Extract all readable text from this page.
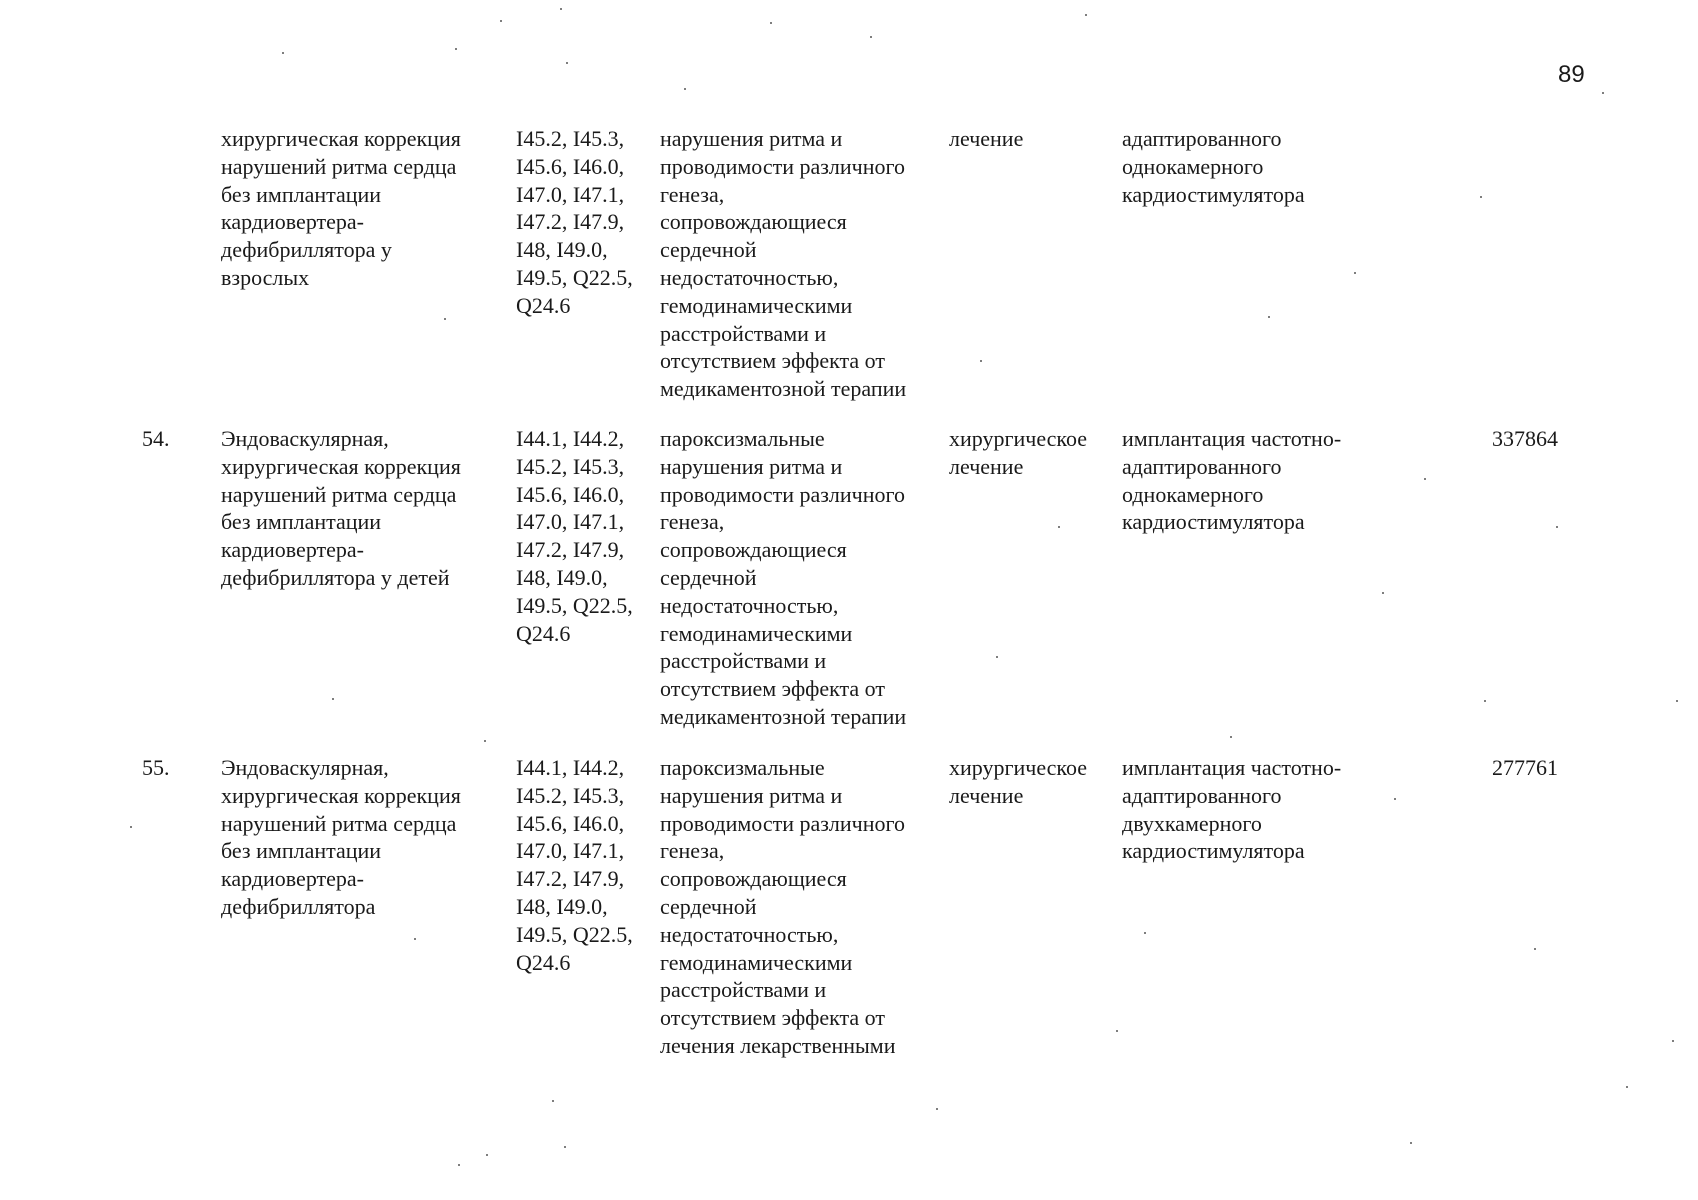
89
хирургическая коррекция
нарушений ритма сердца
без имплантации
кардиовертера-
дефибриллятора у
взрослых
I45.2, I45.3,
I45.6, I46.0,
I47.0, I47.1,
I47.2, I47.9,
I48, I49.0,
I49.5, Q22.5,
Q24.6
нарушения ритма и
проводимости различного
генеза,
сопровождающиеся
сердечной
недостаточностью,
гемодинамическими
расстройствами и
отсутствием эффекта от
медикаментозной терапии
лечение	адаптированного
однокамерного
кардиостимулятора
54. Эндоваскулярная,
хирургическая коррекция
нарушений ритма сердца
без имплантации
кардиовертера-
дефибриллятора у детей
I44.1, I44.2,
I45.2, I45.3,
I45.6, I46.0,
I47.0, I47.1,
I47.2, I47.9,
I48, I49.0,
I49.5, Q22.5,
Q24.6
пароксизмальные
нарушения ритма и
проводимости различного
генеза,
сопровождающиеся
сердечной
недостаточностью,
гемодинамическими
расстройствами и
отсутствием эффекта от
медикаментозной терапии
хирургическое
лечение
имплантация частотно-
адаптированного
однокамерного
кардиостимулятора
337864
55. Эндоваскулярная,
хирургическая коррекция
нарушений ритма сердца
без имплантации
кардиовертера-
дефибриллятора
I44.1, I44.2,
I45.2, I45.3,
I45.6, I46.0,
I47.0, I47.1,
I47.2, I47.9,
I48, I49.0,
I49.5, Q22.5,
Q24.6
пароксизмальные
нарушения ритма и
проводимости различного
генеза,
сопровождающиеся
сердечной
недостаточностью,
гемодинамическими
расстройствами и
отсутствием эффекта от
лечения лекарственными
хирургическое
лечение
имплантация частотно-
адаптированного
двухкамерного
кардиостимулятора
277761
